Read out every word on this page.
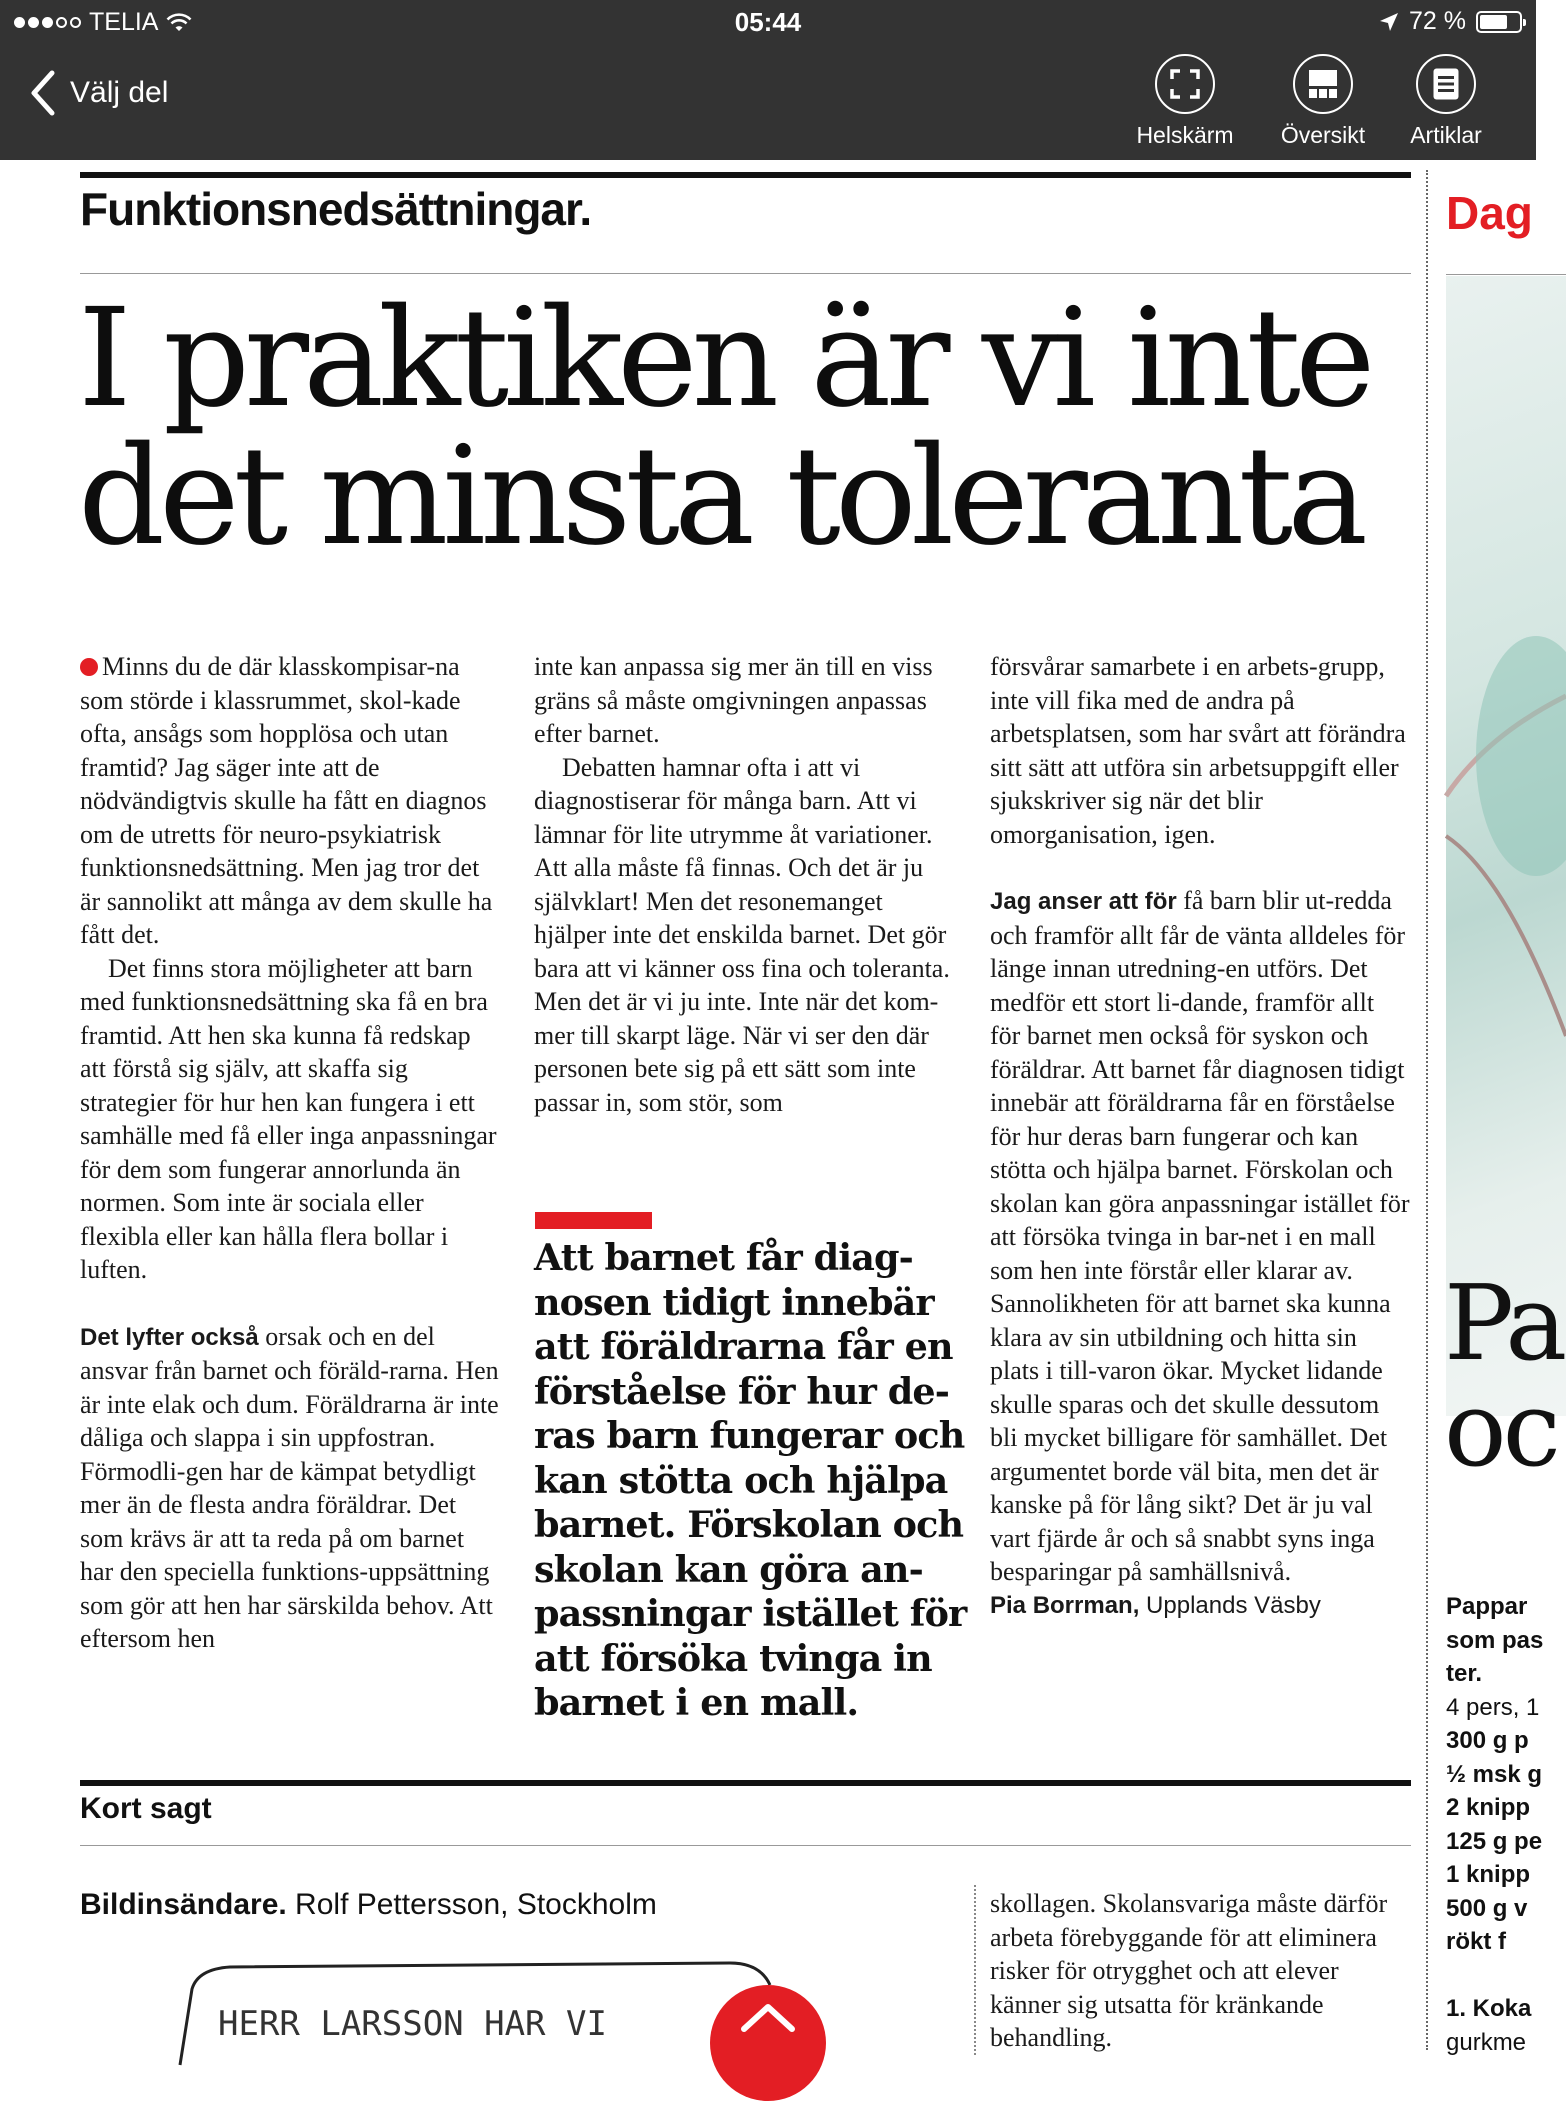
TELIA	05:44	72 %
Välj del
Helskärm	Översikt	Artiklar
Funktionsnedsättningar.
I praktiken är vi inte
det minsta toleranta

Minns du de där klasskompisar-na som störde i klassrummet, skol-kade ofta, ansågs som hopplösa och utan framtid? Jag säger inte att de nödvändigtvis skulle ha fått en diagnos om de utretts för neuro-psykiatrisk funktionsnedsättning. Men jag tror det är sannolikt att många av dem skulle ha fått det.

Det finns stora möjligheter att barn med funktionsnedsättning ska få en bra framtid. Att hen ska kunna få redskap att förstå sig själv, att skaffa sig strategier för hur hen kan fungera i ett samhälle med få eller inga anpassningar för dem som fungerar annorlunda än normen. Som inte är sociala eller flexibla eller kan hålla flera bollar i luften.

Det lyfter också orsak och en del ansvar från barnet och föräld-rarna. Hen är inte elak och dum. Föräldrarna är inte dåliga och slappa i sin uppfostran. Förmodli-gen har de kämpat betydligt mer än de flesta andra föräldrar. Det som krävs är att ta reda på om barnet har den speciella funktions-uppsättning som gör att hen har särskilda behov. Att eftersom hen

inte kan anpassa sig mer än till en viss gräns så måste omgivningen anpassas efter barnet.

Debatten hamnar ofta i att vi diagnostiserar för många barn. Att vi lämnar för lite utrymme åt variationer. Att alla måste få finnas. Och det är ju självklart! Men det resonemanget hjälper inte det enskilda barnet. Det gör bara att vi känner oss fina och toleranta. Men det är vi ju inte. Inte när det kom-mer till skarpt läge. När vi ser den där personen bete sig på ett sätt som inte passar in, som stör, som

Att barnet får diag-nosen tidigt innebär att föräldrarna får en förståelse för hur de-ras barn fungerar och kan stötta och hjälpa barnet. Förskolan och skolan kan göra an-passningar istället för att försöka tvinga in barnet i en mall.

försvårar samarbete i en arbets-grupp, inte vill fika med de andra på arbetsplatsen, som har svårt att förändra sitt sätt att utföra sin arbetsuppgift eller sjukskriver sig när det blir omorganisation, igen.

Jag anser att för få barn blir ut-redda och framför allt får de vänta alldeles för länge innan utredning-en utförs. Det medför ett stort li-dande, framför allt för barnet men också för syskon och föräldrar. Att barnet får diagnosen tidigt innebär att föräldrarna får en förståelse för hur deras barn fungerar och kan stötta och hjälpa barnet. Förskolan och skolan kan göra anpassningar istället för att försöka tvinga in bar-net i en mall som hen inte förstår eller klarar av. Sannolikheten för att barnet ska kunna klara av sin utbildning och hitta sin plats i till-varon ökar. Mycket lidande skulle sparas och det skulle dessutom bli mycket billigare för samhället. Det argumentet borde väl bita, men det är kanske på för lång sikt? Det är ju val vart fjärde år och så snabbt syns inga besparingar på samhällsnivå.

Pia Borrman, Upplands Väsby

Kort sagt
Bildinsändare. Rolf Pettersson, Stockholm
HERR LARSSON HAR VI
skollagen. Skolansvariga måste därför arbeta förebyggande för att eliminera risker för otrygghet och att elever känner sig utsatta för kränkande behandling.
Dag
Pa
oc
Pappar
som pas
ter.
4 pers, 1
300 g p
½ msk g
2 knipp
125 g pe
1 knipp
500 g v
rökt f

1. Koka
gurkme
